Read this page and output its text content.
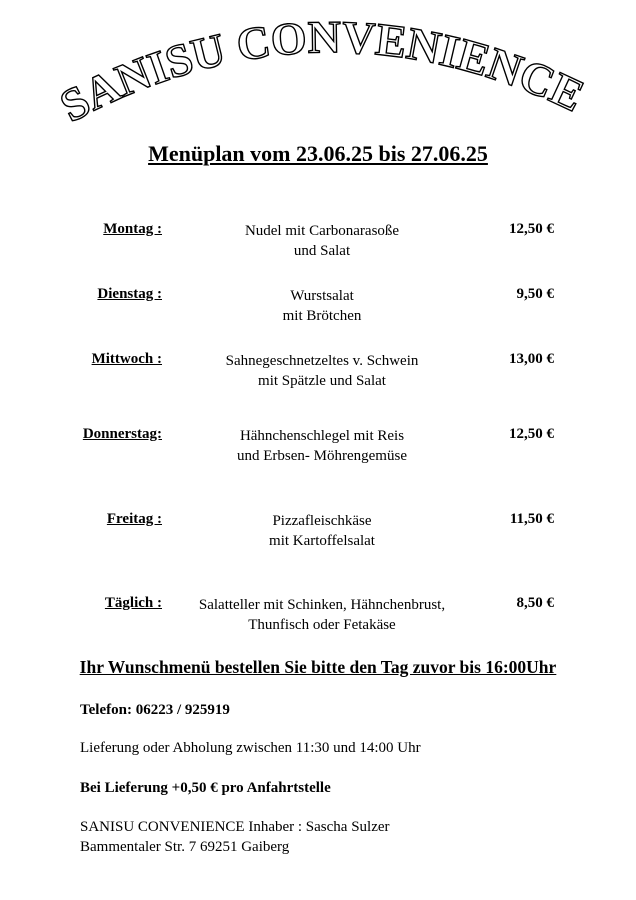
SANISU CONVENIENCE
Menüplan vom 23.06.25 bis 27.06.25
Montag :	Nudel mit Carbonarasoße
und Salat
12,50 €
Dienstag :	Wurstsalat
mit Brötchen
9,50 €
Mittwoch :	Sahnegeschnetzeltes v. Schwein
mit Spätzle und Salat
13,00 €
Donnerstag:	Hähnchenschlegel mit Reis
und Erbsen- Möhrengemüse
12,50 €
Freitag :	Pizzafleischkäse
mit Kartoffelsalat
11,50 €
Täglich :	Salatteller mit Schinken, Hähnchenbrust,
Thunfisch oder Fetakäse
8,50 €

Ihr Wunschmenü bestellen Sie bitte den Tag zuvor bis 16:00Uhr

Telefon: 06223 / 925919
Lieferung oder Abholung zwischen 11:30 und 14:00 Uhr
Bei Lieferung +0,50 € pro Anfahrtstelle
SANISU CONVENIENCE Inhaber : Sascha Sulzer
Bammentaler Str. 7 69251 Gaiberg
